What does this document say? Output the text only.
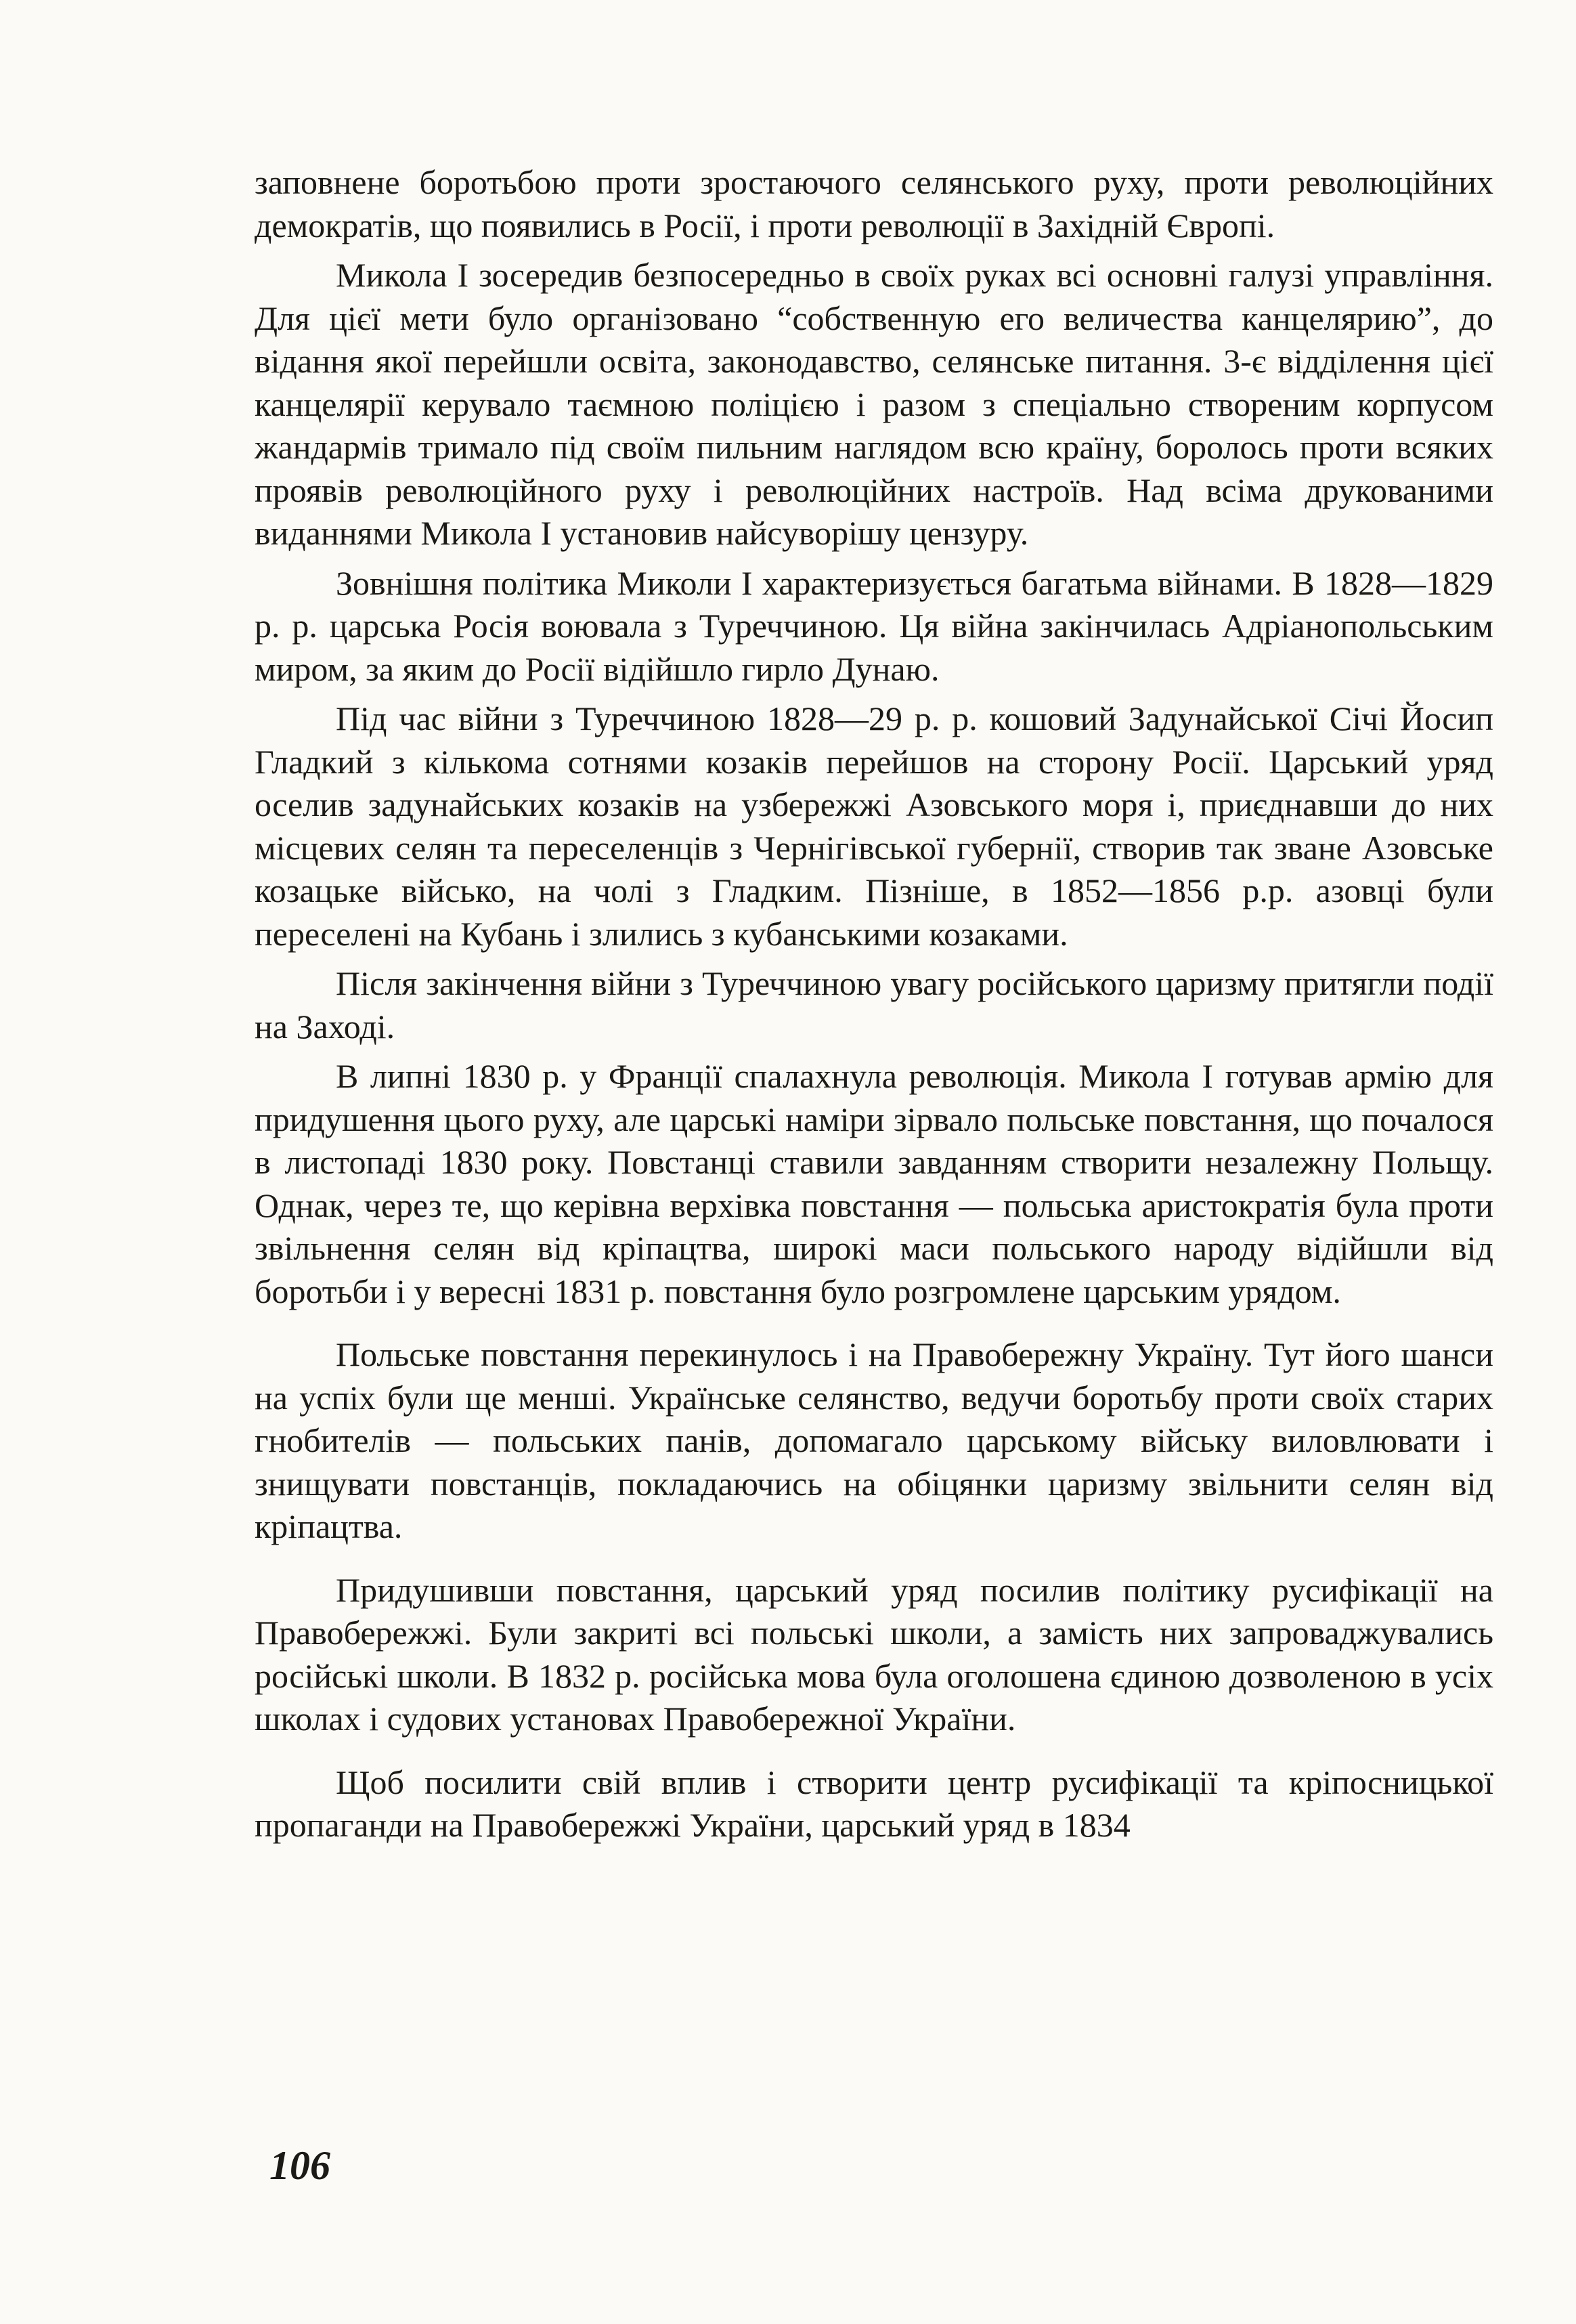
заповнене боротьбою проти зростаючого селянського руху, проти революційних демократів, що появились в Росії, і проти революції в Західній Європі.

Микола І зосередив безпосередньо в своїх руках всі основні галузі управління. Для цієї мети було організовано “собственную его величества канцелярию”, до відання якої перейшли освіта, законодавство, селянське питання. 3-є відділення цієї канцелярії керувало таємною поліцією і разом з спеціально створеним корпусом жандармів тримало під своїм пильним наглядом всю країну, боролось проти всяких проявів революційного руху і революційних настроїв. Над всіма друкованими виданнями Микола І установив найсуворішу цензуру.

Зовнішня політика Миколи І характеризується багатьма війнами. В 1828—1829 р. р. царська Росія воювала з Туреччиною. Ця війна закінчилась Адріанопольським миром, за яким до Росії відійшло гирло Дунаю.

Під час війни з Туреччиною 1828—29 р. р. кошовий Задунайської Січі Йосип Гладкий з кількома сотнями козаків перейшов на сторону Росії. Царський уряд оселив задунайських козаків на узбережжі Азовського моря і, приєднавши до них місцевих селян та переселенців з Чернігівської губернії, створив так зване Азовське козацьке військо, на чолі з Гладким. Пізніше, в 1852—1856 р.р. азовці були переселені на Кубань і злились з кубанськими козаками.

Після закінчення війни з Туреччиною увагу російського царизму притягли події на Заході.

В липні 1830 р. у Франції спалахнула революція. Микола І готував армію для придушення цього руху, але царські наміри зірвало польське повстання, що почалося в листопаді 1830 року. Повстанці ставили завданням створити незалежну Польщу. Однак, через те, що керівна верхівка повстання — польська аристократія була проти звільнення селян від кріпацтва, широкі маси польського народу відійшли від боротьби і у вересні 1831 р. повстання було розгромлене царським урядом.

Польське повстання перекинулось і на Правобережну Україну. Тут його шанси на успіх були ще менші. Українське селянство, ведучи боротьбу проти своїх старих гнобителів — польських панів, допомагало царському війську виловлювати і знищувати повстанців, покладаючись на обіцянки царизму звільнити селян від кріпацтва.

Придушивши повстання, царський уряд посилив політику русифікації на Правобережжі. Були закриті всі польські школи, а замість них запроваджувались російські школи. В 1832 р. російська мова була оголошена єдиною дозволеною в усіх школах і судових установах Правобережної України.

Щоб посилити свій вплив і створити центр русифікації та кріпосницької пропаганди на Правобережжі України, царський уряд в 1834

106
